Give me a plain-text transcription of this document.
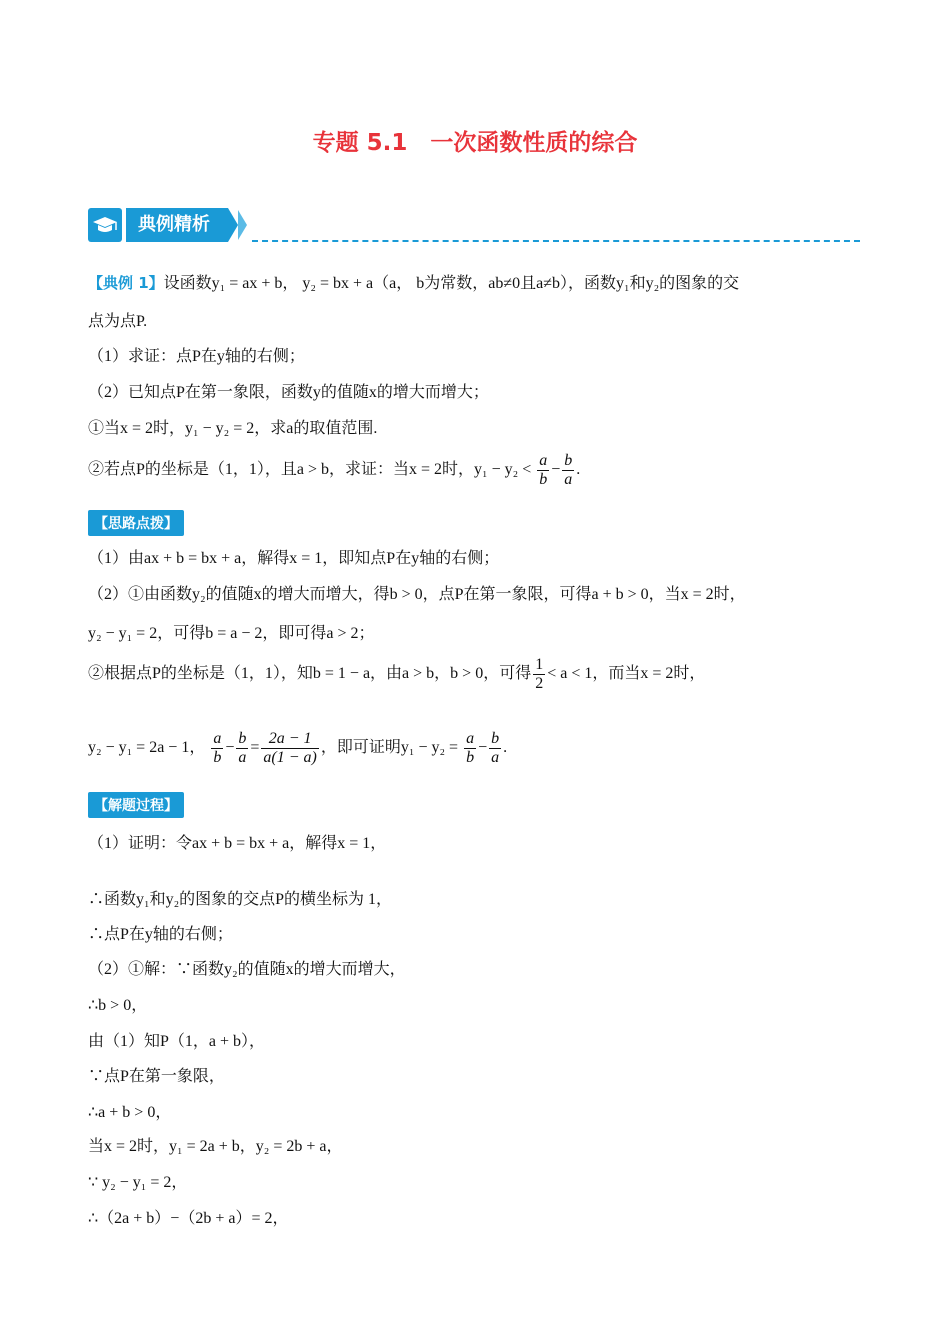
专题 5.1　一次函数性质的综合
典例精析
【典例 1】设函数y₁ = ax + b， y₂ = bx + a（a， b为常数，ab≠0且a≠b），函数y₁和y₂的图象的交
点为点P.
（1）求证：点P在y轴的右侧；
（2）已知点P在第一象限，函数y的值随x的增大而增大；
①当x = 2时，y₁ − y₂ = 2，求a的取值范围.
②若点P的坐标是（1，1），且a > b，求证：当x = 2时，$y_1 - y_2 < \frac{a}{b} - \frac{b}{a}$ .
【思路点拨】
（1）由ax + b = bx + a，解得x = 1，即知点P在y轴的右侧；
（2）①由函数y₂的值随x的增大而增大，得b > 0，点P在第一象限，可得a + b > 0，当x = 2时，
y₂ − y₁ = 2，可得b = a − 2，即可得a > 2；
②根据点P的坐标是（1，1），知b = 1 − a，由a > b，b > 0，可得 $\frac{1}{2} < a < 1$，而当x = 2时，
y₂ − y₁ = 2a − 1， $\frac{a}{b} - \frac{b}{a} = \frac{2a - 1}{a(1 - a)}$ ，即可证明$y_1 - y_2 = \frac{a}{b} - \frac{b}{a}$ .
【解题过程】
（1）证明：令ax + b = bx + a，解得x = 1，
∴函数y₁和y₂的图象的交点P的横坐标为 1，
∴点P在y轴的右侧；
（2）①解：∵函数y₂的值随x的增大而增大，
∴b > 0，
由（1）知P（1，a + b），
∵点P在第一象限，
∴a + b > 0，
当x = 2时，y₁ = 2a + b，y₂ = 2b + a，
∵ y₂ − y₁ = 2，
∴（2a + b）−（2b + a）= 2，
